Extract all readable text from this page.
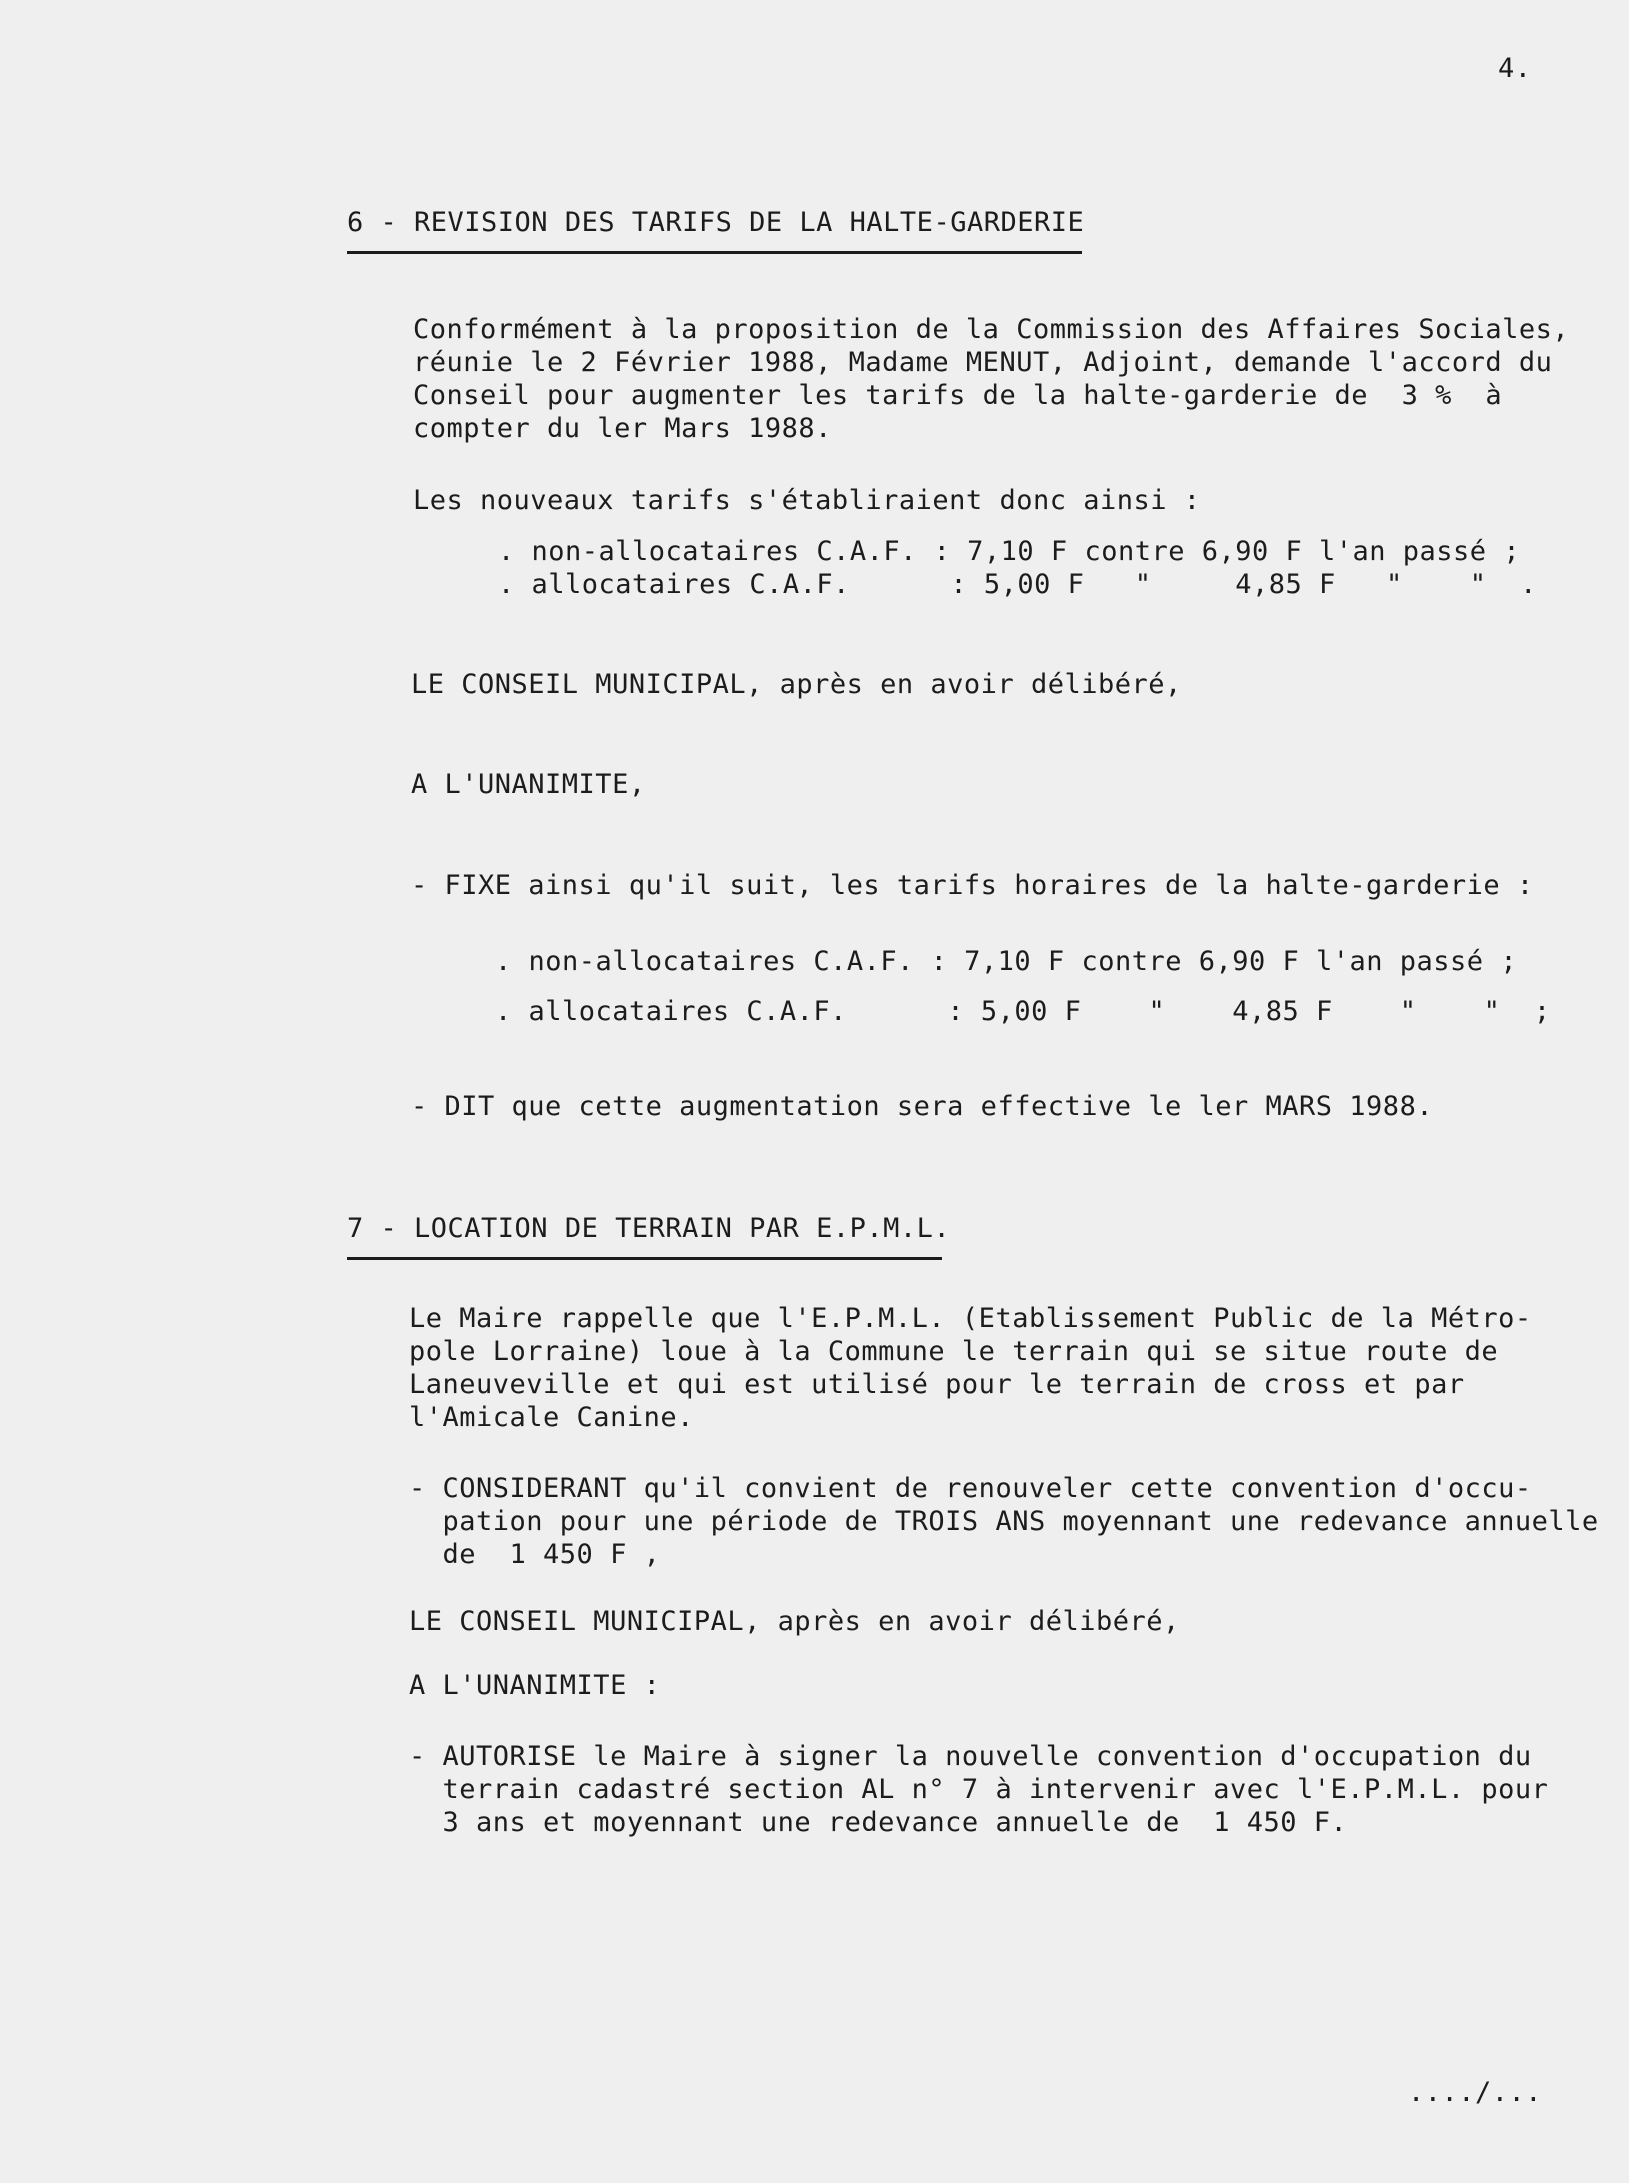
4.
6 - REVISION DES TARIFS DE LA HALTE-GARDERIE
Conformément à la proposition de la Commission des Affaires Sociales,
réunie le 2 Février 1988, Madame MENUT, Adjoint, demande l'accord du
Conseil pour augmenter les tarifs de la halte-garderie de  3 %  à
compter du ler Mars 1988.
Les nouveaux tarifs s'établiraient donc ainsi :
. non-allocataires C.A.F. : 7,10 F contre 6,90 F l'an passé ;
. allocataires C.A.F.      : 5,00 F   "     4,85 F   "    "  .
LE CONSEIL MUNICIPAL, après en avoir délibéré,
A L'UNANIMITE,
- FIXE ainsi qu'il suit, les tarifs horaires de la halte-garderie :
. non-allocataires C.A.F. : 7,10 F contre 6,90 F l'an passé ;
. allocataires C.A.F.      : 5,00 F    "    4,85 F    "    "  ;
- DIT que cette augmentation sera effective le ler MARS 1988.
7 - LOCATION DE TERRAIN PAR E.P.M.L.
Le Maire rappelle que l'E.P.M.L. (Etablissement Public de la Métro-
pole Lorraine) loue à la Commune le terrain qui se situe route de
Laneuveville et qui est utilisé pour le terrain de cross et par
l'Amicale Canine.
- CONSIDERANT qu'il convient de renouveler cette convention d'occu-
pation pour une période de TROIS ANS moyennant une redevance annuelle
de  1 450 F ,
LE CONSEIL MUNICIPAL, après en avoir délibéré,
A L'UNANIMITE :
- AUTORISE le Maire à signer la nouvelle convention d'occupation du
terrain cadastré section AL n° 7 à intervenir avec l'E.P.M.L. pour
3 ans et moyennant une redevance annuelle de  1 450 F.
..../...
